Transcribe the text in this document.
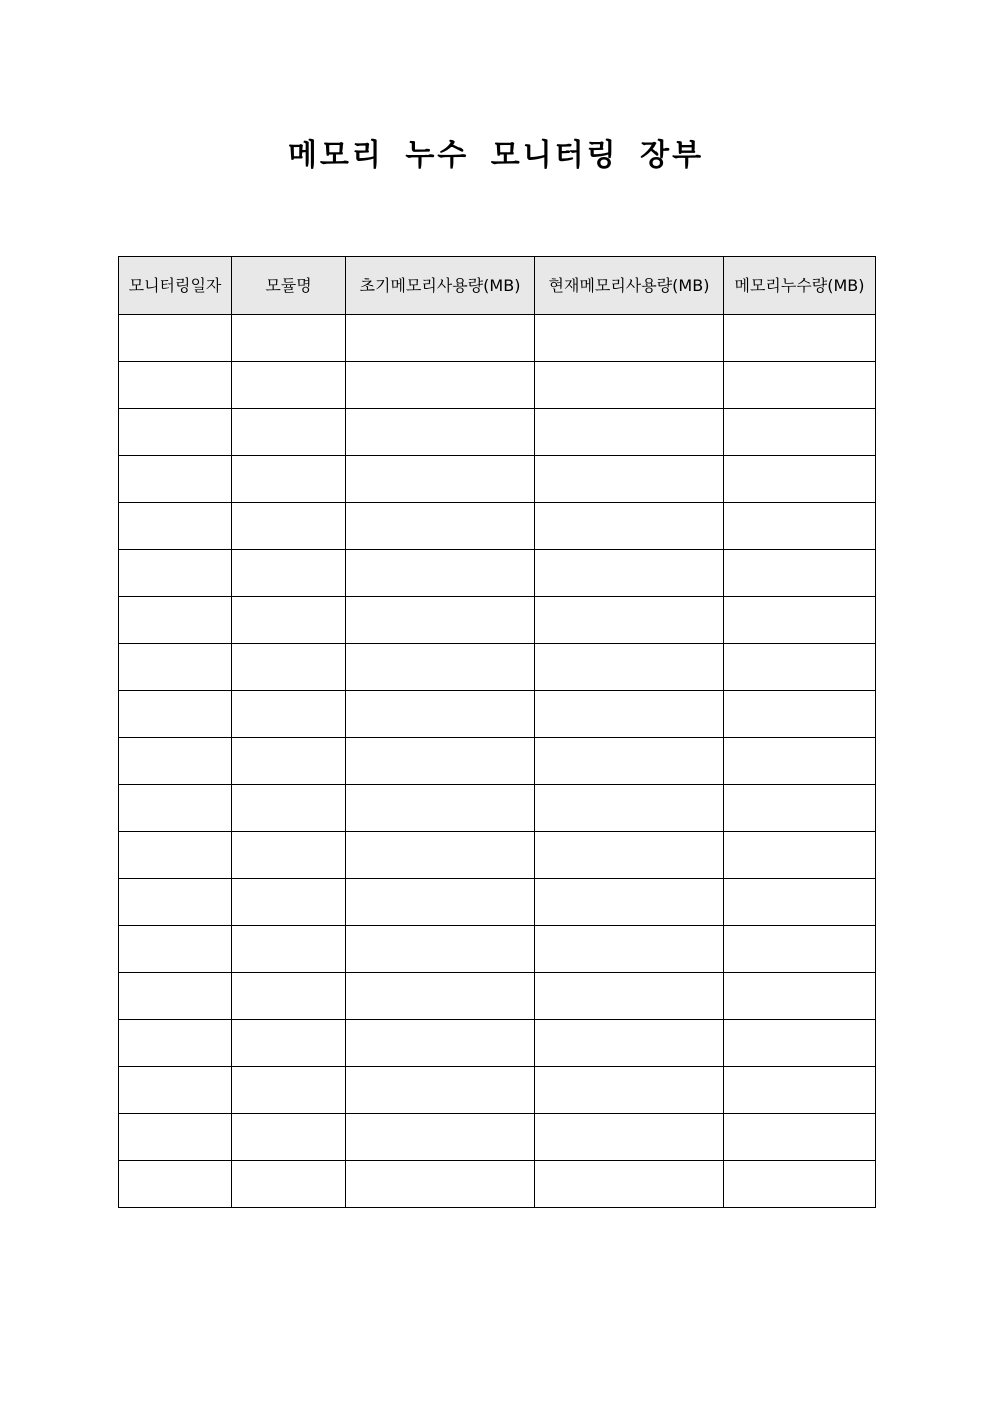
메모리 누수 모니터링 장부
모니터링일자	모듈명	초기메모리사용량(MB)	현재메모리사용량(MB)	메모리누수량(MB)
